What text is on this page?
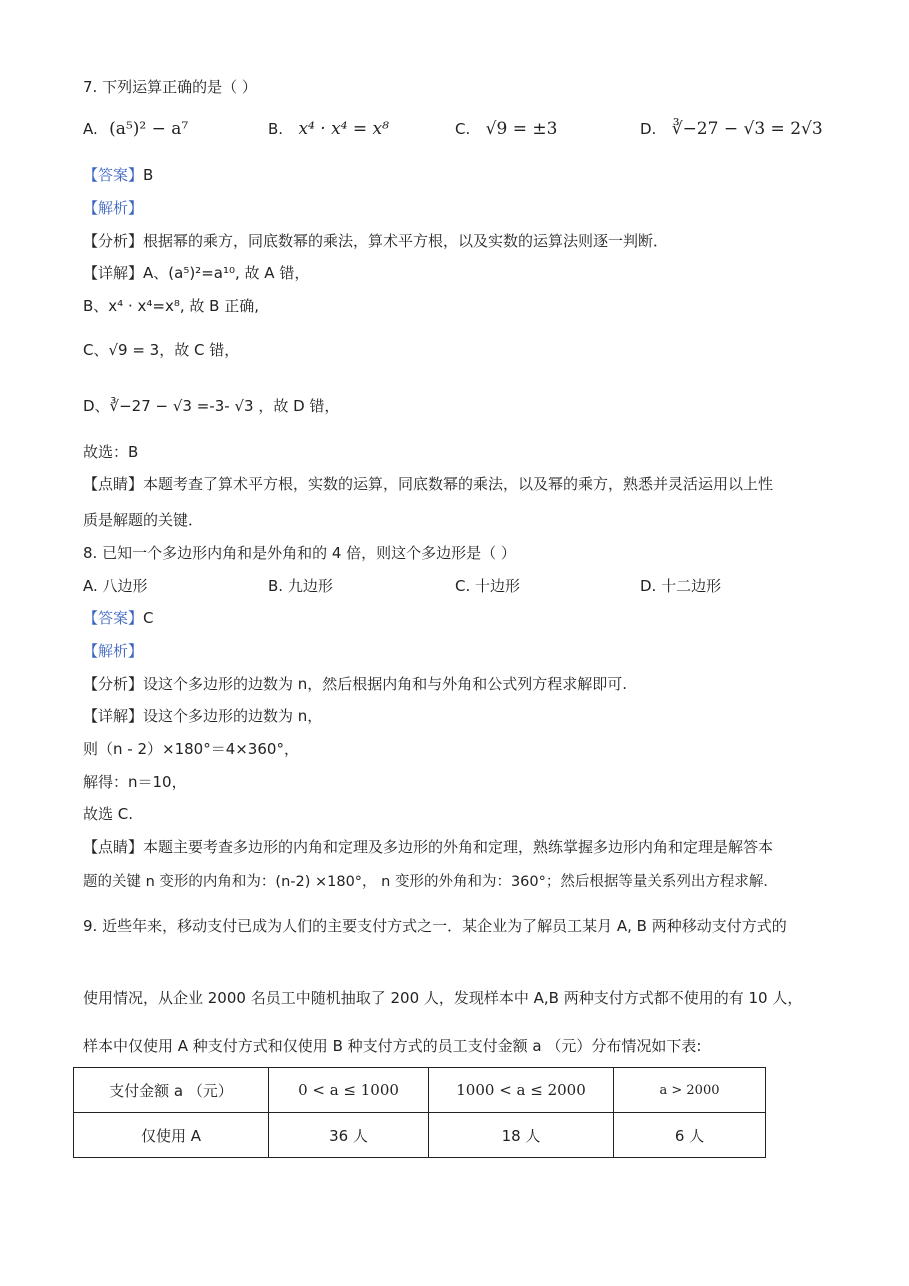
7. 下列运算正确的是（ ）
A. (a⁵)² − a⁷	B. x⁴ · x⁴ = x⁸	C. √9 = ±3	D. ∛−27 − √3 = 2√3
【答案】B
【解析】
【分析】根据幂的乘方，同底数幂的乘法，算术平方根，以及实数的运算法则逐一判断．
【详解】A、(a⁵)²=a¹⁰, 故 A 错，
B、x⁴ · x⁴=x⁸, 故 B 正确,
C、√9 = 3，故 C 错，
D、∛−27 − √3 =-3- √3 ，故 D 错，
故选：B
【点睛】本题考查了算术平方根，实数的运算，同底数幂的乘法，以及幂的乘方，熟悉并灵活运用以上性
质是解题的关键．
8. 已知一个多边形内角和是外角和的 4 倍，则这个多边形是（ ）
A. 八边形	B. 九边形	C. 十边形	D. 十二边形
【答案】C
【解析】
【分析】设这个多边形的边数为 n，然后根据内角和与外角和公式列方程求解即可.
【详解】设这个多边形的边数为 n，
则（n - 2）×180°＝4×360°，
解得：n＝10，
故选 C.
【点睛】本题主要考查多边形的内角和定理及多边形的外角和定理，熟练掌握多边形内角和定理是解答本
题的关键 n 变形的内角和为：(n-2) ×180°， n 变形的外角和为：360°；然后根据等量关系列出方程求解．
9. 近些年来，移动支付已成为人们的主要支付方式之一．某企业为了解员工某月 A, B 两种移动支付方式的
使用情况，从企业 2000 名员工中随机抽取了 200 人，发现样本中 A,B 两种支付方式都不使用的有 10 人，
样本中仅使用 A 种支付方式和仅使用 B 种支付方式的员工支付金额 a （元）分布情况如下表:
支付金额 a （元）	0 < a ≤ 1000	1000 < a ≤ 2000	a > 2000
仅使用 A	36 人	18 人	6 人
